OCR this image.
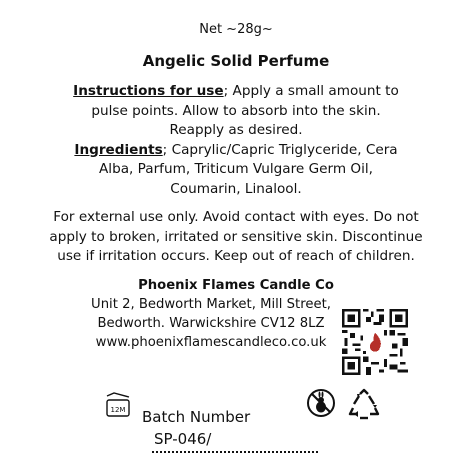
Net ~28g~
Angelic Solid Perfume
Instructions for use; Apply a small amount to
pulse points. Allow to absorb into the skin.
Reapply as desired.
Ingredients; Caprylic/Capric Triglyceride, Cera
Alba, Parfum, Triticum Vulgare Germ Oil,
Coumarin, Linalool.
For external use only. Avoid contact with eyes. Do not
apply to broken, irritated or sensitive skin. Discontinue
use if irritation occurs. Keep out of reach of children.
Phoenix Flames Candle Co
Unit 2, Bedworth Market, Mill Street,
Bedworth. Warwickshire CV12 8LZ
www.phoenixflamescandleco.co.uk
12M Batch Number
SP-046/
